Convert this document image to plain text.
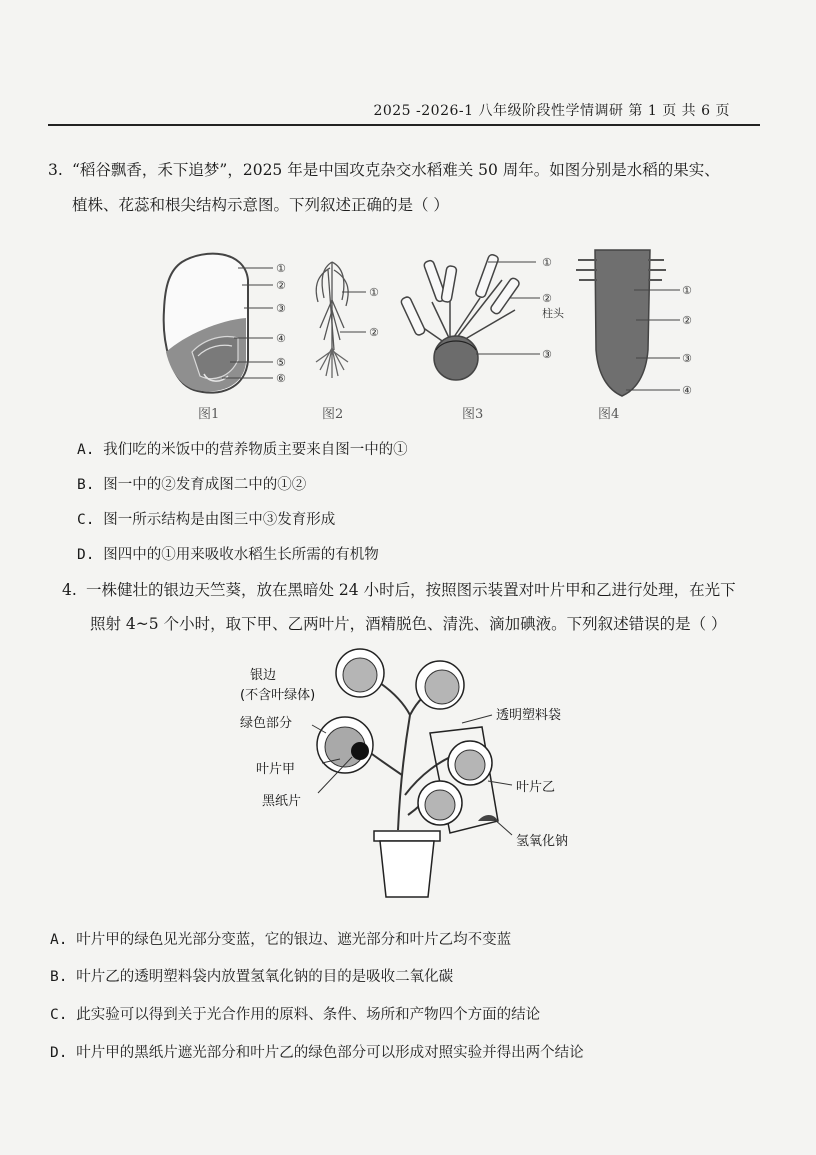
2025 -2026-1 八年级阶段性学情调研 第 1 页 共 6 页
3. “稻谷飘香，禾下追梦”，2025 年是中国攻克杂交水稻难关 50 周年。如图分别是水稻的果实、
植株、花蕊和根尖结构示意图。下列叙述正确的是（ ）
①
②
③
④
⑤
⑥
图1
①
②
图2
①
②
柱头
③
图3
①
②
③
④
图4
A. 我们吃的米饭中的营养物质主要来自图一中的①
B. 图一中的②发育成图二中的①②
C. 图一所示结构是由图三中③发育形成
D. 图四中的①用来吸收水稻生长所需的有机物
4. 一株健壮的银边天竺葵，放在黑暗处 24 小时后，按照图示装置对叶片甲和乙进行处理，在光下
照射 4~5 个小时，取下甲、乙两叶片，酒精脱色、清洗、滴加碘液。下列叙述错误的是（ ）
银边
(不含叶绿体)
绿色部分
叶片甲
黑纸片
透明塑料袋
叶片乙
氢氧化钠
A. 叶片甲的绿色见光部分变蓝，它的银边、遮光部分和叶片乙均不变蓝
B. 叶片乙的透明塑料袋内放置氢氧化钠的目的是吸收二氧化碳
C. 此实验可以得到关于光合作用的原料、条件、场所和产物四个方面的结论
D. 叶片甲的黑纸片遮光部分和叶片乙的绿色部分可以形成对照实验并得出两个结论
